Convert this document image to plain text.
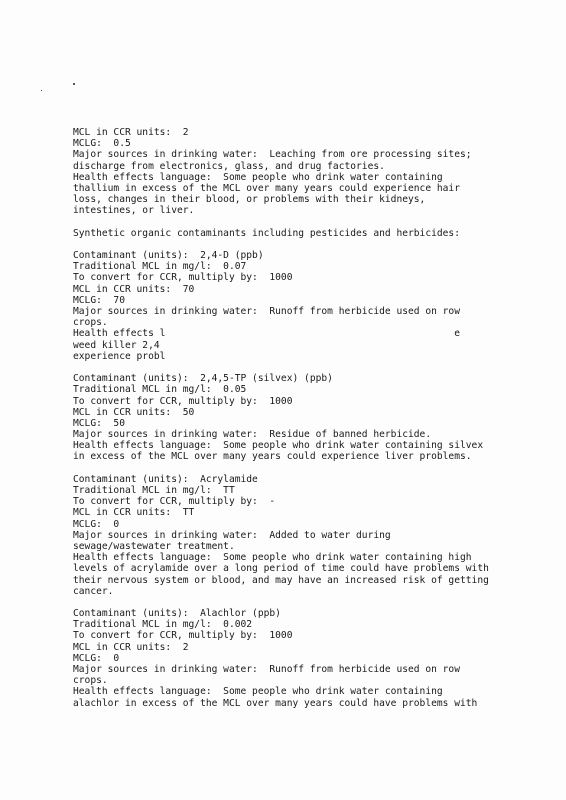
MCL in CCR units:  2
MCLG:  0.5
Major sources in drinking water:  Leaching from ore processing sites;
discharge from electronics, glass, and drug factories.
Health effects language:  Some people who drink water containing
thallium in excess of the MCL over many years could experience hair
loss, changes in their blood, or problems with their kidneys,
intestines, or liver.
Synthetic organic contaminants including pesticides and herbicides:
Contaminant (units):  2,4-D (ppb)
Traditional MCL in mg/l:  0.07
To convert for CCR, multiply by:  1000
MCL in CCR units:  70
MCLG:  70
Major sources in drinking water:  Runoff from herbicide used on row
crops.
Health effects l                                                  e
weed killer 2,4
experience probl
Contaminant (units):  2,4,5-TP (silvex) (ppb)
Traditional MCL in mg/l:  0.05
To convert for CCR, multiply by:  1000
MCL in CCR units:  50
MCLG:  50
Major sources in drinking water:  Residue of banned herbicide.
Health effects language:  Some people who drink water containing silvex
in excess of the MCL over many years could experience liver problems.
Contaminant (units):  Acrylamide
Traditional MCL in mg/l:  TT
To convert for CCR, multiply by:  -
MCL in CCR units:  TT
MCLG:  0
Major sources in drinking water:  Added to water during
sewage/wastewater treatment.
Health effects language:  Some people who drink water containing high
levels of acrylamide over a long period of time could have problems with
their nervous system or blood, and may have an increased risk of getting
cancer.
Contaminant (units):  Alachlor (ppb)
Traditional MCL in mg/l:  0.002
To convert for CCR, multiply by:  1000
MCL in CCR units:  2
MCLG:  0
Major sources in drinking water:  Runoff from herbicide used on row
crops.
Health effects language:  Some people who drink water containing
alachlor in excess of the MCL over many years could have problems with
